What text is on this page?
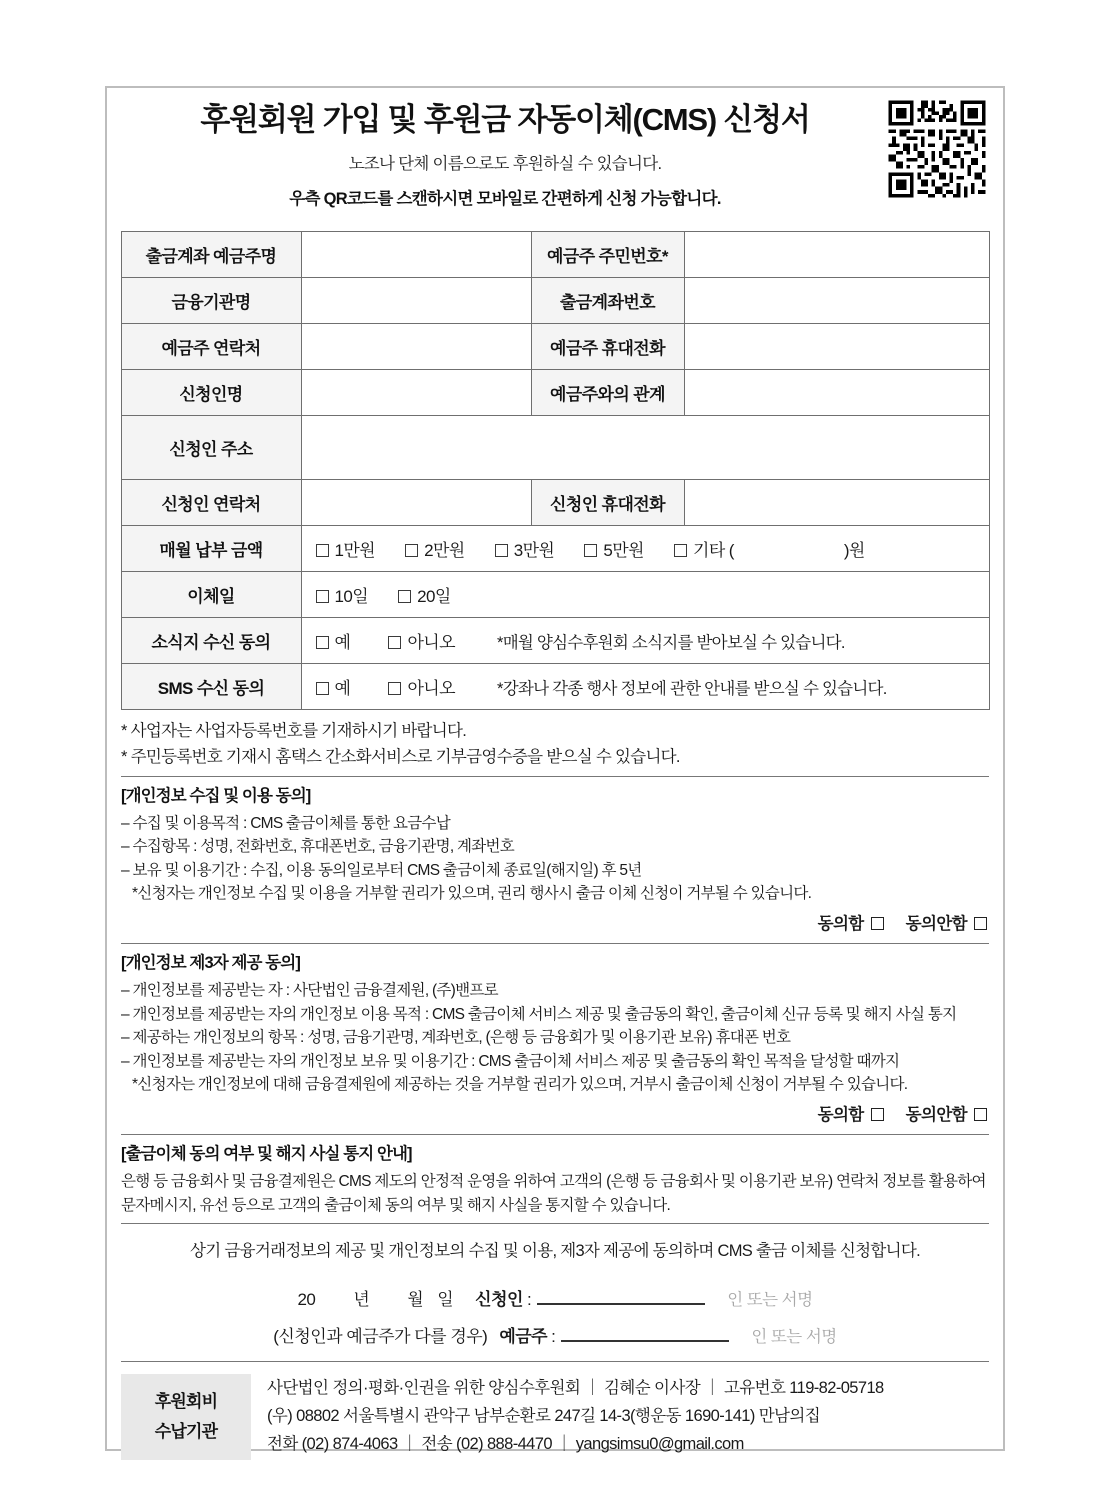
후원회원 가입 및 후원금 자동이체(CMS) 신청서
노조나 단체 이름으로도 후원하실 수 있습니다.
우측 QR코드를 스캔하시면 모바일로 간편하게 신청 가능합니다.
출금계좌 예금주명		예금주 주민번호*	
금융기관명		출금계좌번호	
예금주 연락처		예금주 휴대전화	
신청인명		예금주와의 관계	
신청인 주소			
신청인 연락처		신청인 휴대전화	
매월 납부 금액	1만원 2만원 3만원 5만원 기타 ( )원		
이체일	10일 20일		
소식지 수신 동의	예 아니오 *매월 양심수후원회 소식지를 받아보실 수 있습니다.		
SMS 수신 동의	예 아니오 *강좌나 각종 행사 정보에 관한 안내를 받으실 수 있습니다.		
* 사업자는 사업자등록번호를 기재하시기 바랍니다.
* 주민등록번호 기재시 홈택스 간소화서비스로 기부금영수증을 받으실 수 있습니다.
[개인정보 수집 및 이용 동의]

– 수집 및 이용목적 : CMS 출금이체를 통한 요금수납

– 수집항목 : 성명, 전화번호, 휴대폰번호, 금융기관명, 계좌번호

– 보유 및 이용기간 : 수집, 이용 동의일로부터 CMS 출금이체 종료일(해지일) 후 5년

*신청자는 개인정보 수집 및 이용을 거부할 권리가 있으며, 권리 행사시 출금 이체 신청이 거부될 수 있습니다.

동의함	동의안함
[개인정보 제3자 제공 동의]

– 개인정보를 제공받는 자 : 사단법인 금융결제원, (주)밴프로

– 개인정보를 제공받는 자의 개인정보 이용 목적 : CMS 출금이체 서비스 제공 및 출금동의 확인, 출금이체 신규 등록 및 해지 사실 통지

– 제공하는 개인정보의 항목 : 성명, 금융기관명, 계좌번호, (은행 등 금융회가 및 이용기관 보유) 휴대폰 번호

– 개인정보를 제공받는 자의 개인정보 보유 및 이용기간 : CMS 출금이체 서비스 제공 및 출금동의 확인 목적을 달성할 때까지

*신청자는 개인정보에 대해 금융결제원에 제공하는 것을 거부할 권리가 있으며, 거부시 출금이체 신청이 거부될 수 있습니다.

동의함	동의안함
[출금이체 동의 여부 및 해지 사실 통지 안내]

은행 등 금융회사 및 금융결제원은 CMS 제도의 안정적 운영을 위하여 고객의 (은행 등 금융회사 및 이용기관 보유) 연락처 정보를 활용하여 문자메시지, 유선 등으로 고객의 출금이체 동의 여부 및 해지 사실을 통지할 수 있습니다.

상기 금융거래정보의 제공 및 개인정보의 수집 및 이용, 제3자 제공에 동의하며 CMS 출금 이체를 신청합니다.
20 년 월 일	신청인 :	인 또는 서명
(신청인과 예금주가 다를 경우) 예금주 :	인 또는 서명
후원회비
수납기관

사단법인 정의·평화·인권을 위한 양심수후원회 ｜ 김혜순 이사장 ｜ 고유번호 119-82-05718

(우) 08802 서울특별시 관악구 남부순환로 247길 14-3(행운동 1690-141) 만남의집

전화 (02) 874-4063 ｜ 전송 (02) 888-4470 ｜ yangsimsu0@gmail.com
